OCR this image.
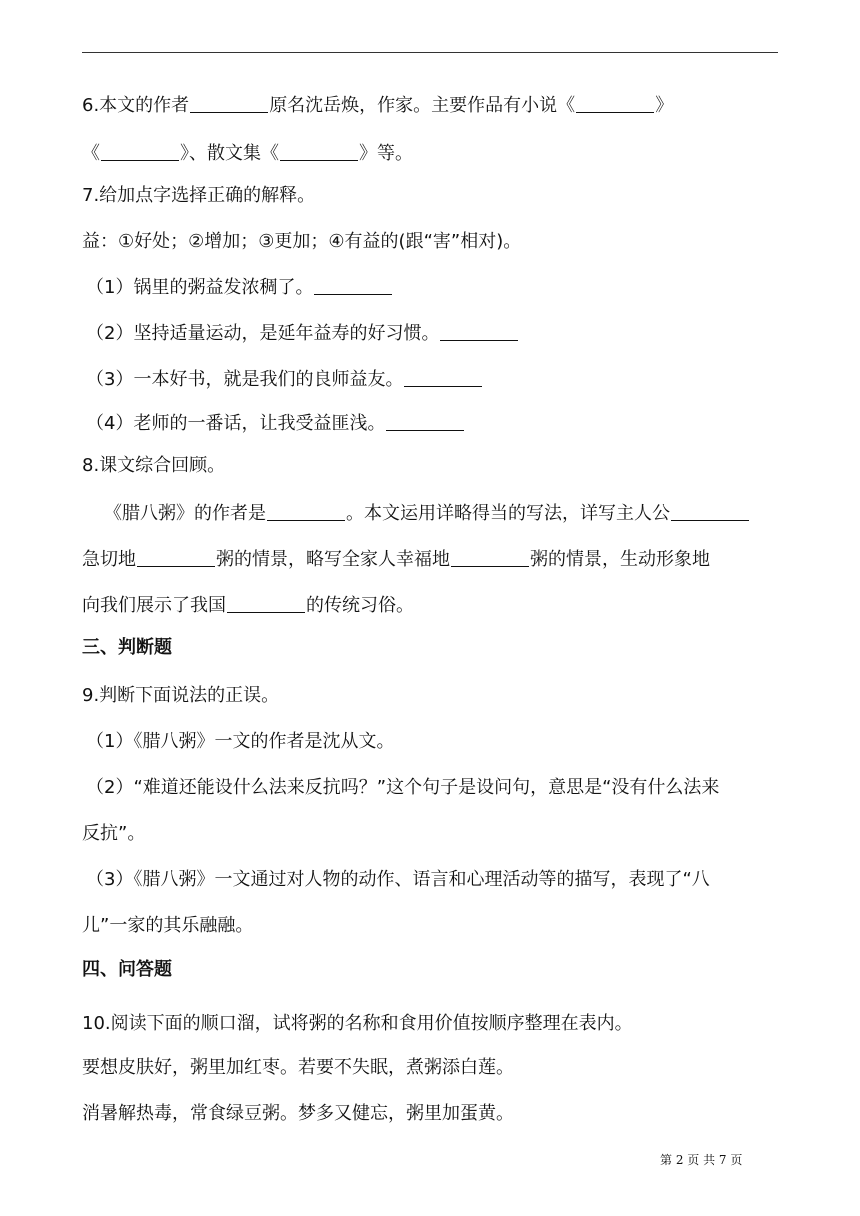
6.本文的作者	原名沈岳焕，作家。主要作品有小说《	》
《	》、散文集《	》等。
7.给加点字选择正确的解释。
益：①好处；②增加；③更加；④有益的(跟“害”相对)。
（1）锅里的粥益发浓稠了。
（2）坚持适量运动，是延年益寿的好习惯。
（3）一本好书，就是我们的良师益友。
（4）老师的一番话，让我受益匪浅。
8.课文综合回顾。
《腊八粥》的作者是	。本文运用详略得当的写法，详写主人公
急切地	粥的情景，略写全家人幸福地	粥的情景，生动形象地
向我们展示了我国	的传统习俗。
三、判断题
9.判断下面说法的正误。
（1）《腊八粥》一文的作者是沈从文。
（2）“难道还能设什么法来反抗吗？”这个句子是设问句，意思是“没有什么法来
反抗”。
（3）《腊八粥》一文通过对人物的动作、语言和心理活动等的描写，表现了“八
儿”一家的其乐融融。
四、问答题
10.阅读下面的顺口溜，试将粥的名称和食用价值按顺序整理在表内。
要想皮肤好，粥里加红枣。若要不失眠，煮粥添白莲。
消暑解热毒，常食绿豆粥。梦多又健忘，粥里加蛋黄。
第 2 页 共 7 页
